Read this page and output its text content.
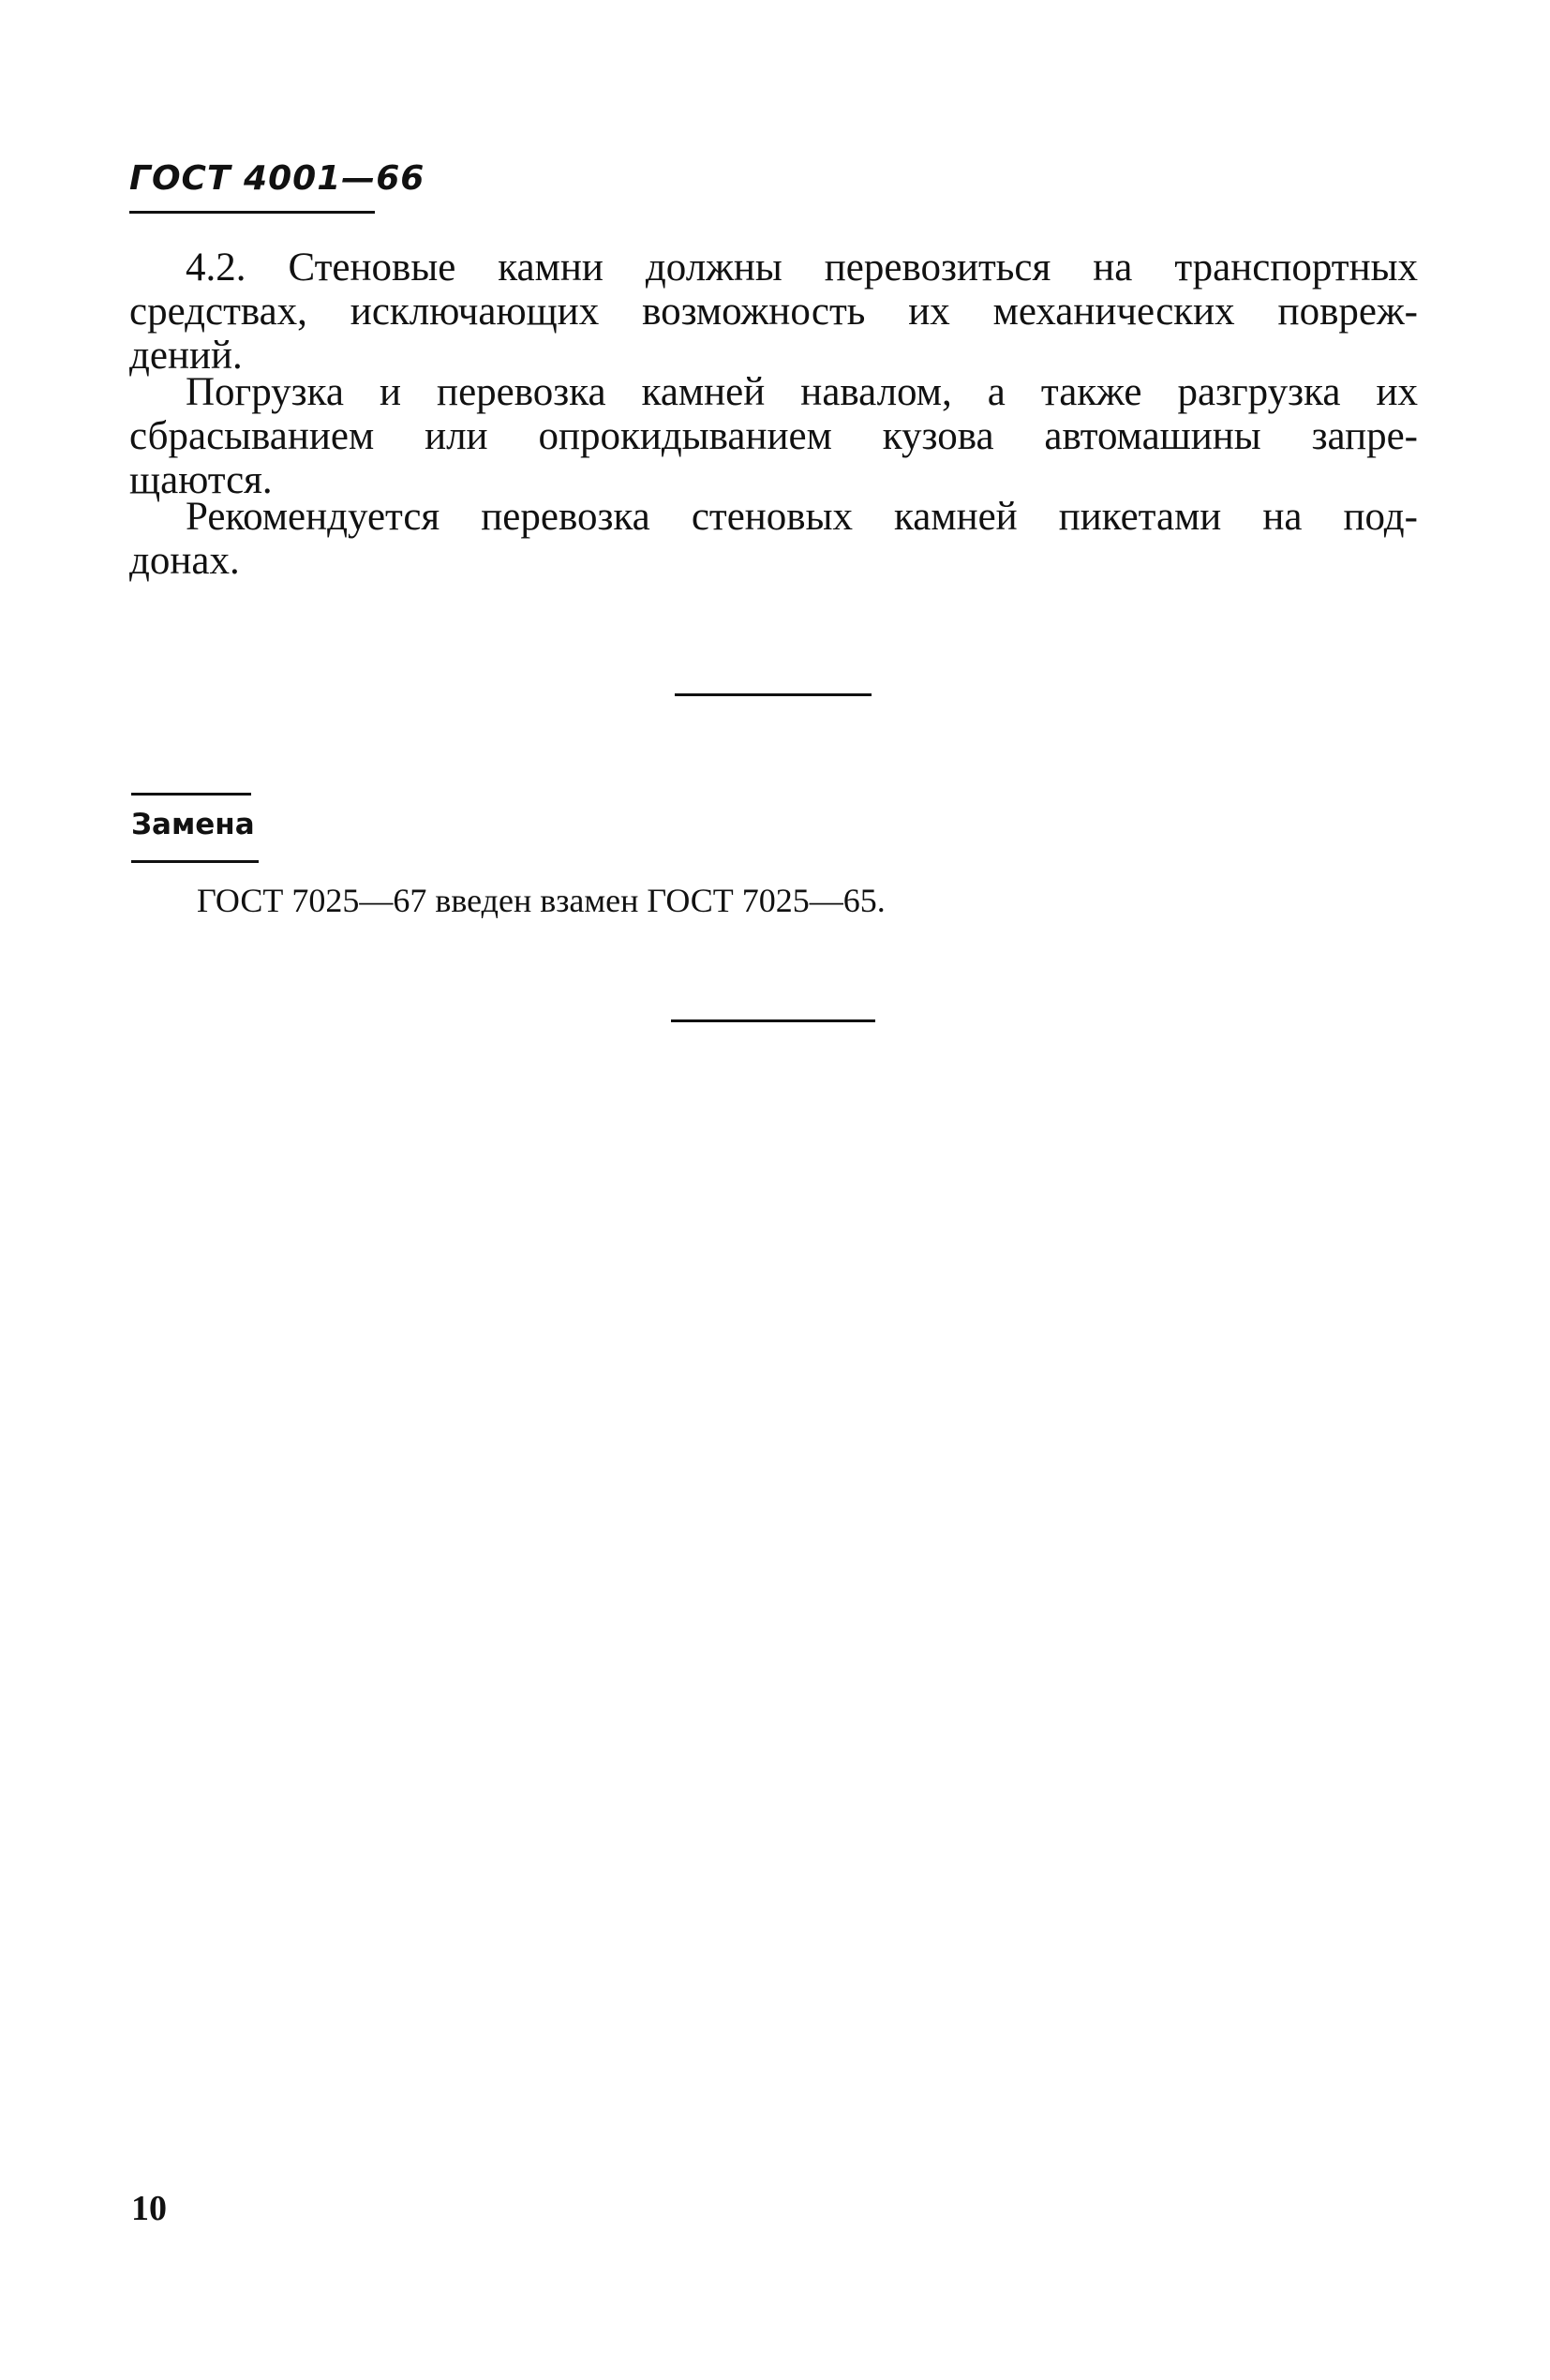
ГОСТ 4001—66

4.2. Стеновые камни должны перевозиться на транспортных
средствах, исключающих возможность их механических повреж-
дений.

Погрузка и перевозка камней навалом, а также разгрузка их
сбрасыванием или опрокидыванием кузова автомашины запре-
щаются.

Рекомендуется перевозка стеновых камней пикетами на под-
донах.

Замена

ГОСТ 7025—67 введен взамен ГОСТ 7025—65.

10
